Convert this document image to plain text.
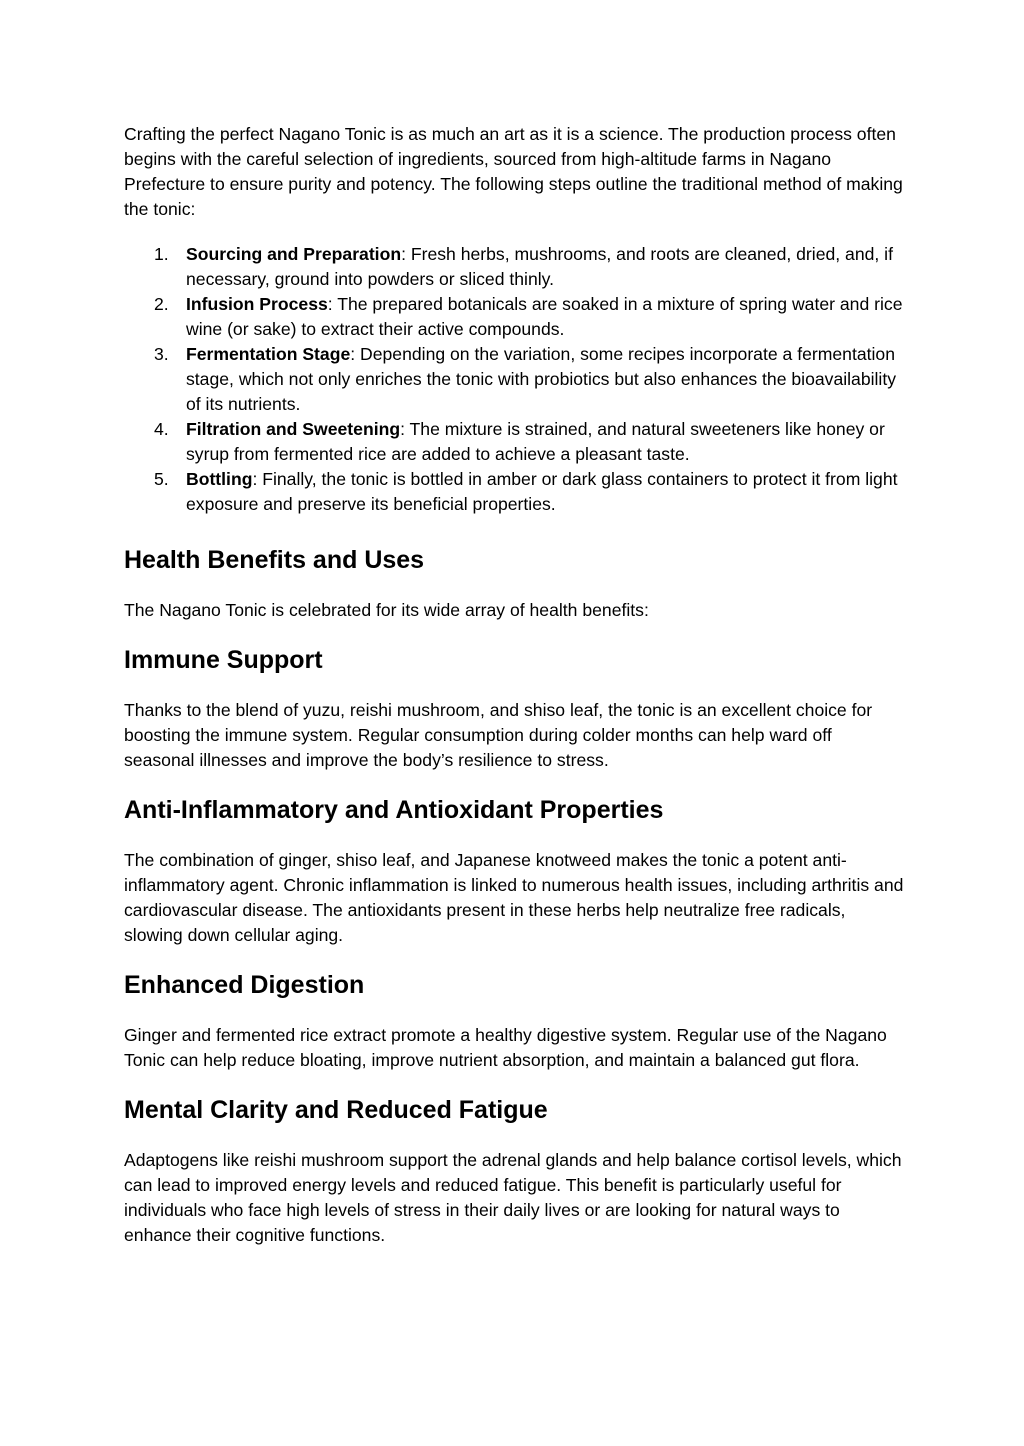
Crafting the perfect Nagano Tonic is as much an art as it is a science. The production process often begins with the careful selection of ingredients, sourced from high-altitude farms in Nagano Prefecture to ensure purity and potency. The following steps outline the traditional method of making the tonic:

1. Sourcing and Preparation: Fresh herbs, mushrooms, and roots are cleaned, dried, and, if necessary, ground into powders or sliced thinly.
2. Infusion Process: The prepared botanicals are soaked in a mixture of spring water and rice wine (or sake) to extract their active compounds.
3. Fermentation Stage: Depending on the variation, some recipes incorporate a fermentation stage, which not only enriches the tonic with probiotics but also enhances the bioavailability of its nutrients.
4. Filtration and Sweetening: The mixture is strained, and natural sweeteners like honey or syrup from fermented rice are added to achieve a pleasant taste.
5. Bottling: Finally, the tonic is bottled in amber or dark glass containers to protect it from light exposure and preserve its beneficial properties.
Health Benefits and Uses

The Nagano Tonic is celebrated for its wide array of health benefits:

Immune Support

Thanks to the blend of yuzu, reishi mushroom, and shiso leaf, the tonic is an excellent choice for boosting the immune system. Regular consumption during colder months can help ward off seasonal illnesses and improve the body’s resilience to stress.

Anti-Inflammatory and Antioxidant Properties

The combination of ginger, shiso leaf, and Japanese knotweed makes the tonic a potent anti-inflammatory agent. Chronic inflammation is linked to numerous health issues, including arthritis and cardiovascular disease. The antioxidants present in these herbs help neutralize free radicals, slowing down cellular aging.

Enhanced Digestion

Ginger and fermented rice extract promote a healthy digestive system. Regular use of the Nagano Tonic can help reduce bloating, improve nutrient absorption, and maintain a balanced gut flora.

Mental Clarity and Reduced Fatigue

Adaptogens like reishi mushroom support the adrenal glands and help balance cortisol levels, which can lead to improved energy levels and reduced fatigue. This benefit is particularly useful for individuals who face high levels of stress in their daily lives or are looking for natural ways to enhance their cognitive functions.
